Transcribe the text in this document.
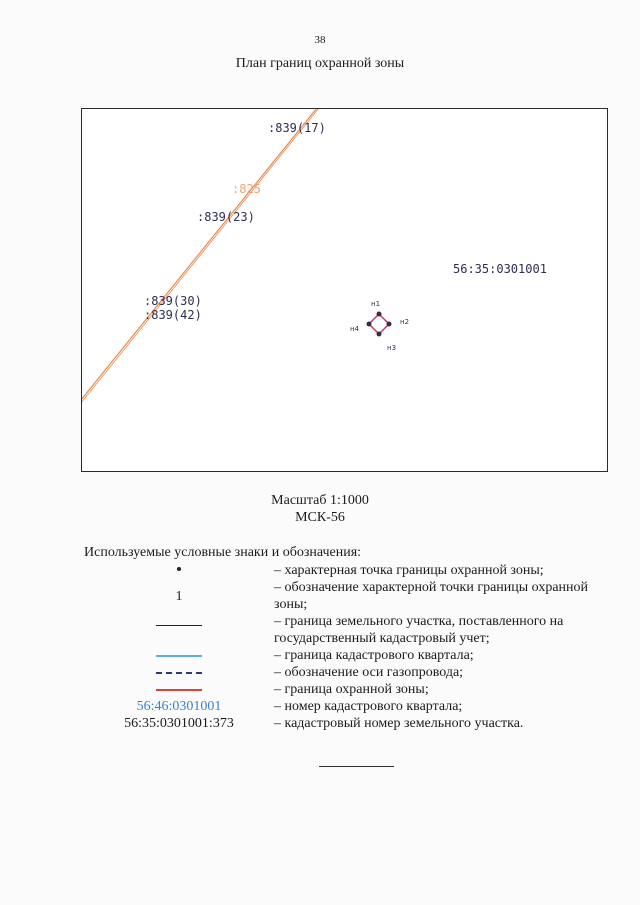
38
План границ охранной зоны
:839(17)
:825
:839(23)
:839(30)
:839(42)
56:35:0301001
н1
н2
н3
н4
Масштаб 1:1000
МСК-56
Используемые условные знаки и обозначения:
– характерная точка границы охранной зоны;
1
– обозначение характерной точки границы охранной зоны;
– граница земельного участка, поставленного на государственный кадастровый учет;
– граница кадастрового квартала;
– обозначение оси газопровода;
– граница охранной зоны;
56:46:0301001	– номер кадастрового квартала;
56:35:0301001:373	– кадастровый номер земельного участка.
